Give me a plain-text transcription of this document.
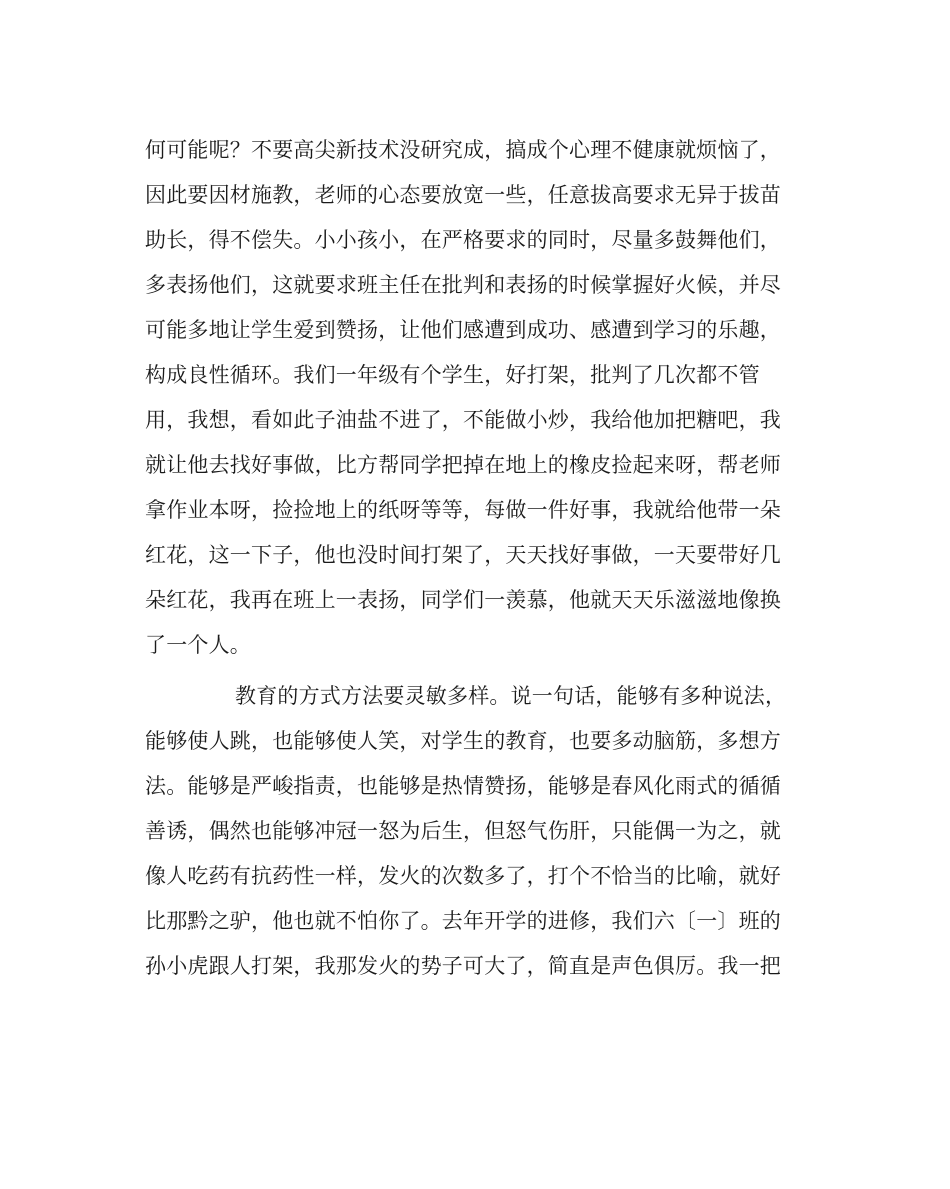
何可能呢？不要高尖新技术没研究成，搞成个心理不健康就烦恼了，
因此要因材施教，老师的心态要放宽一些，任意拔高要求无异于拔苗
助长，得不偿失。小小孩小，在严格要求的同时，尽量多鼓舞他们，
多表扬他们，这就要求班主任在批判和表扬的时候掌握好火候，并尽
可能多地让学生爱到赞扬，让他们感遭到成功、感遭到学习的乐趣，
构成良性循环。我们一年级有个学生，好打架，批判了几次都不管
用，我想，看如此子油盐不进了，不能做小炒，我给他加把糖吧，我
就让他去找好事做，比方帮同学把掉在地上的橡皮捡起来呀，帮老师
拿作业本呀，捡捡地上的纸呀等等，每做一件好事，我就给他带一朵
红花，这一下子，他也没时间打架了，天天找好事做，一天要带好几
朵红花，我再在班上一表扬，同学们一羡慕，他就天天乐滋滋地像换
了一个人。
教育的方式方法要灵敏多样。说一句话，能够有多种说法，
能够使人跳，也能够使人笑，对学生的教育，也要多动脑筋，多想方
法。能够是严峻指责，也能够是热情赞扬，能够是春风化雨式的循循
善诱，偶然也能够冲冠一怒为后生，但怒气伤肝，只能偶一为之，就
像人吃药有抗药性一样，发火的次数多了，打个不恰当的比喻，就好
比那黔之驴，他也就不怕你了。去年开学的进修，我们六〔一〕班的
孙小虎跟人打架，我那发火的势子可大了，简直是声色俱厉。我一把
